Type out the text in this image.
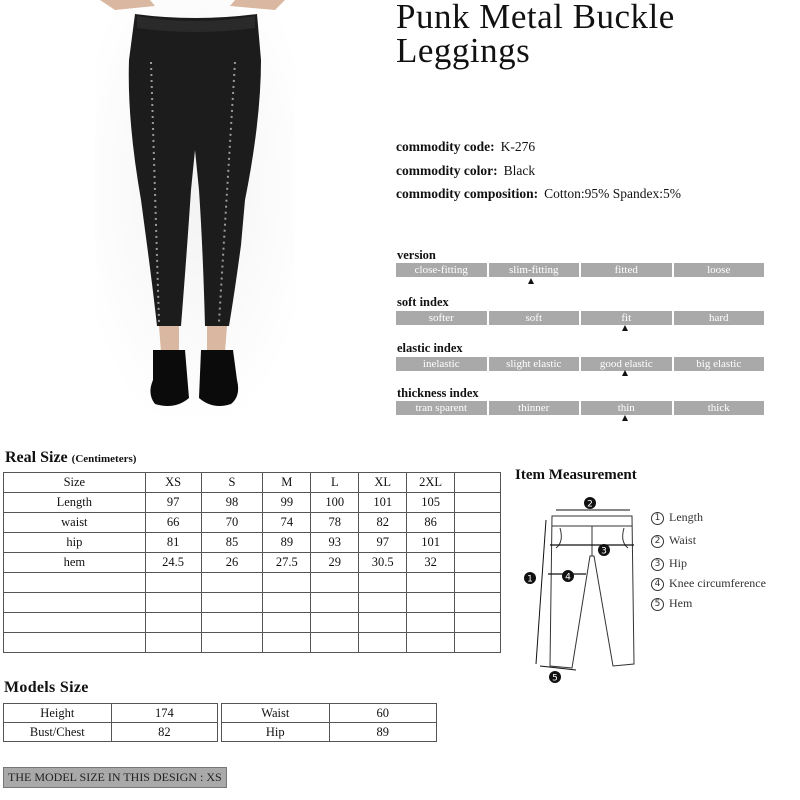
Punk Metal Buckle Leggings
commodity code: K-276
commodity color: Black
commodity composition: Cotton:95% Spandex:5%
version
close-fitting	slim-fitting	fitted	loose
soft index
softer	soft	fit	hard
elastic index
inelastic	slight elastic	good elastic	big elastic
thickness index
tran sparent	thinner	thin	thick
Real Size (Centimeters)
Size	XS	S	M	L	XL	2XL	
Length	97	98	99	100	101	105	
waist	66	70	74	78	82	86	
hip	81	85	89	93	97	101	
hem	24.5	26	27.5	29	30.5	32	

Item Measurement
2
3
4
1
5
1 Length
2 Waist
3 Hip
4 Knee circumference
5 Hem
Models Size
Height	174
Bust/Chest	82
Waist	60
Hip	89
THE MODEL SIZE IN THIS DESIGN : XS
